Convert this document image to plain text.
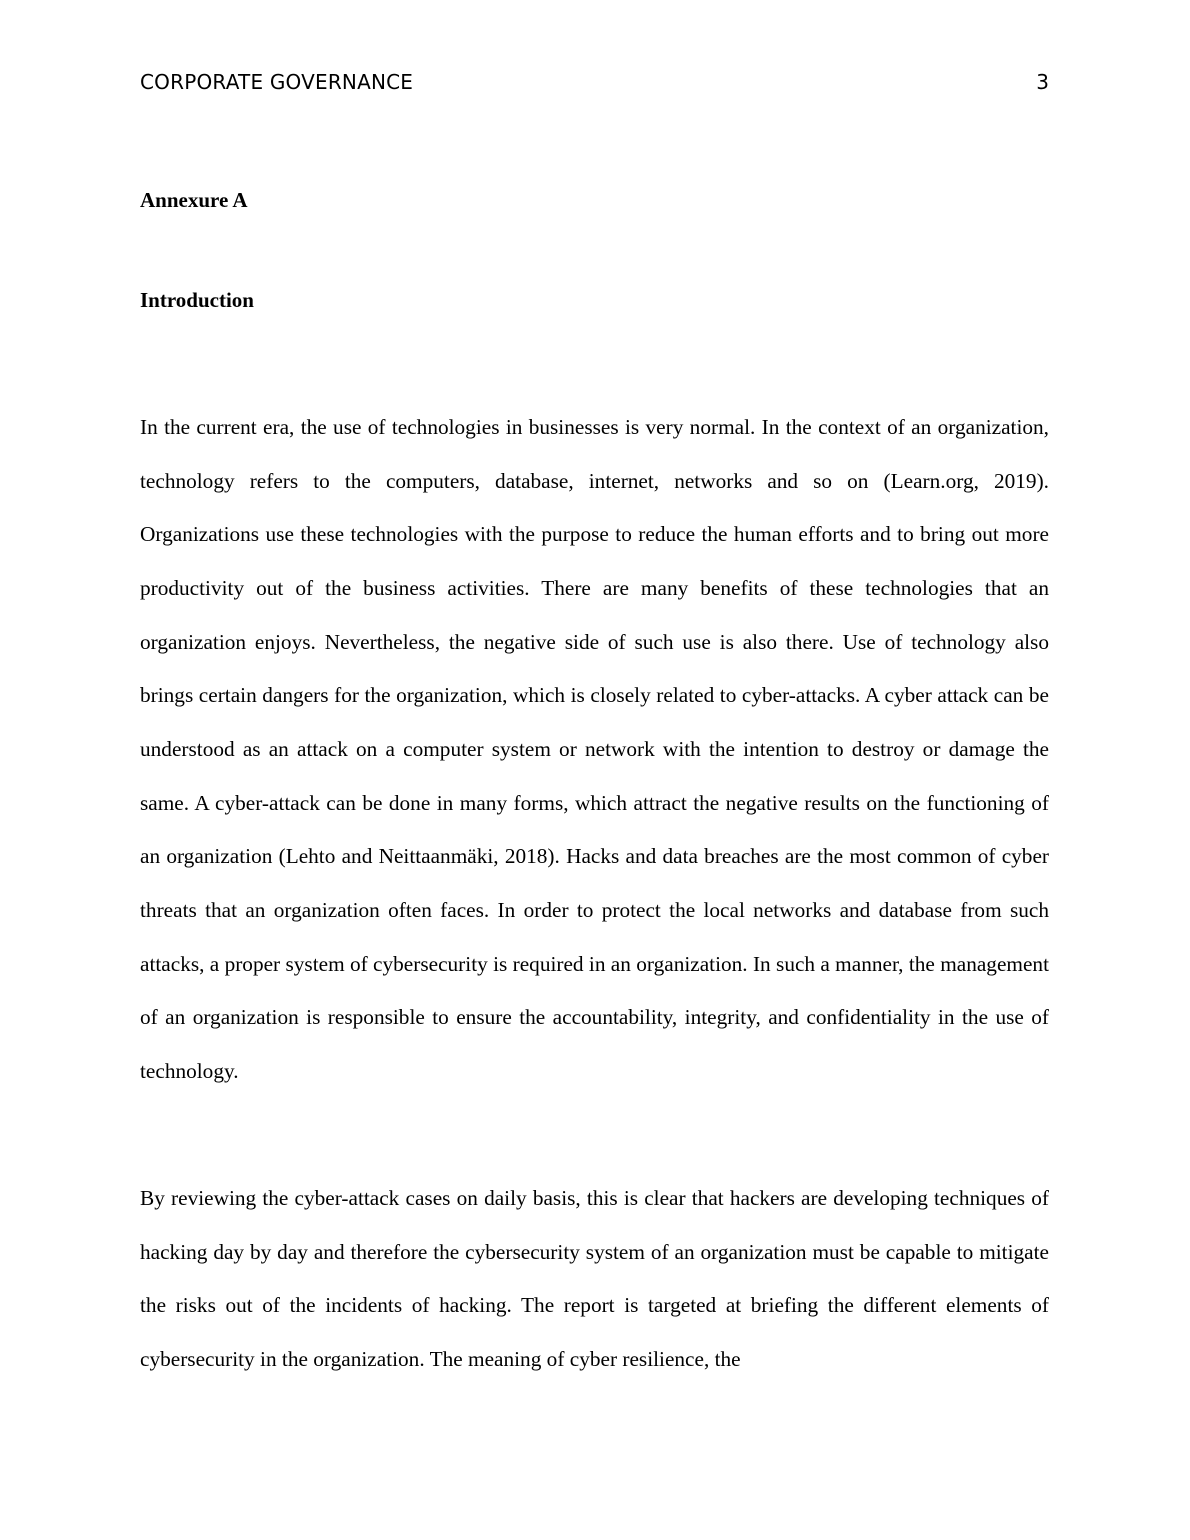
CORPORATE GOVERNANCE	3
Annexure A
Introduction

In the current era, the use of technologies in businesses is very normal. In the context of an organization, technology refers to the computers, database, internet, networks and so on (Learn.org, 2019). Organizations use these technologies with the purpose to reduce the human efforts and to bring out more productivity out of the business activities. There are many benefits of these technologies that an organization enjoys. Nevertheless, the negative side of such use is also there. Use of technology also brings certain dangers for the organization, which is closely related to cyber-attacks. A cyber attack can be understood as an attack on a computer system or network with the intention to destroy or damage the same. A cyber-attack can be done in many forms, which attract the negative results on the functioning of an organization (Lehto and Neittaanmäki, 2018). Hacks and data breaches are the most common of cyber threats that an organization often faces. In order to protect the local networks and database from such attacks, a proper system of cybersecurity is required in an organization. In such a manner, the management of an organization is responsible to ensure the accountability, integrity, and confidentiality in the use of technology.

By reviewing the cyber-attack cases on daily basis, this is clear that hackers are developing techniques of hacking day by day and therefore the cybersecurity system of an organization must be capable to mitigate the risks out of the incidents of hacking. The report is targeted at briefing the different elements of cybersecurity in the organization. The meaning of cyber resilience, the
